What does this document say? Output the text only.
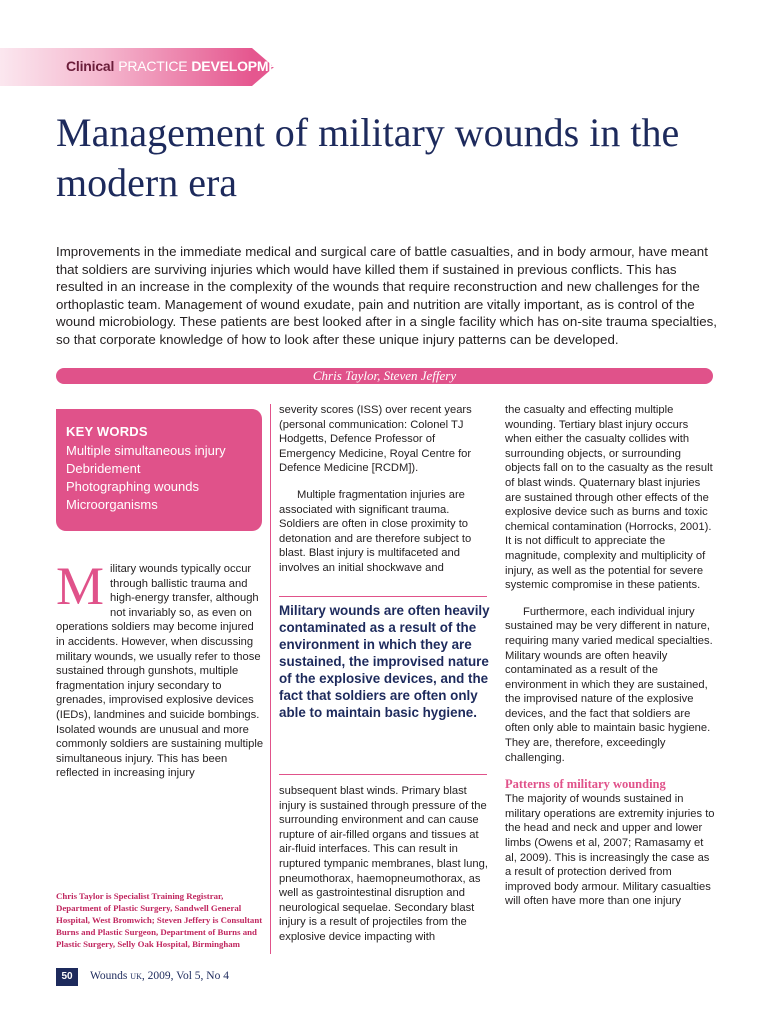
Clinical PRACTICE DEVELOPMENT
Management of military wounds in the modern era
Improvements in the immediate medical and surgical care of battle casualties, and in body armour, have meant that soldiers are surviving injuries which would have killed them if sustained in previous conflicts. This has resulted in an increase in the complexity of the wounds that require reconstruction and new challenges for the orthoplastic team. Management of wound exudate, pain and nutrition are vitally important, as is control of the wound microbiology. These patients are best looked after in a single facility which has on-site trauma specialties, so that corporate knowledge of how to look after these unique injury patterns can be developed.
Chris Taylor, Steven Jeffery
KEY WORDS
Multiple simultaneous injury
Debridement
Photographing wounds
Microorganisms
Military wounds typically occur through ballistic trauma and high-energy transfer, although not invariably so, as even on operations soldiers may become injured in accidents. However, when discussing military wounds, we usually refer to those sustained through gunshots, multiple fragmentation injury secondary to grenades, improvised explosive devices (IEDs), landmines and suicide bombings. Isolated wounds are unusual and more commonly soldiers are sustaining multiple simultaneous injury. This has been reflected in increasing injury
Chris Taylor is Specialist Training Registrar, Department of Plastic Surgery, Sandwell General Hospital, West Bromwich; Steven Jeffery is Consultant Burns and Plastic Surgeon, Department of Burns and Plastic Surgery, Selly Oak Hospital, Birmingham

severity scores (ISS) over recent years (personal communication: Colonel TJ Hodgetts, Defence Professor of Emergency Medicine, Royal Centre for Defence Medicine [RCDM]).

Multiple fragmentation injuries are associated with significant trauma. Soldiers are often in close proximity to detonation and are therefore subject to blast. Blast injury is multifaceted and involves an initial shockwave and

Military wounds are often heavily contaminated as a result of the environment in which they are sustained, the improvised nature of the explosive devices, and the fact that soldiers are often only able to maintain basic hygiene.

subsequent blast winds. Primary blast injury is sustained through pressure of the surrounding environment and can cause rupture of air-filled organs and tissues at air-fluid interfaces. This can result in ruptured tympanic membranes, blast lung, pneumothorax, haemopneumothorax, as well as gastrointestinal disruption and neurological sequelae. Secondary blast injury is a result of projectiles from the explosive device impacting with

the casualty and effecting multiple wounding. Tertiary blast injury occurs when either the casualty collides with surrounding objects, or surrounding objects fall on to the casualty as the result of blast winds. Quaternary blast injuries are sustained through other effects of the explosive device such as burns and toxic chemical contamination (Horrocks, 2001). It is not difficult to appreciate the magnitude, complexity and multiplicity of injury, as well as the potential for severe systemic compromise in these patients.

Furthermore, each individual injury sustained may be very different in nature, requiring many varied medical specialties. Military wounds are often heavily contaminated as a result of the environment in which they are sustained, the improvised nature of the explosive devices, and the fact that soldiers are often only able to maintain basic hygiene. They are, therefore, exceedingly challenging.

Patterns of military wounding

The majority of wounds sustained in military operations are extremity injuries to the head and neck and upper and lower limbs (Owens et al, 2007; Ramasamy et al, 2009). This is increasingly the case as a result of protection derived from improved body armour. Military casualties will often have more than one injury

50	Wounds UK, 2009, Vol 5, No 4
